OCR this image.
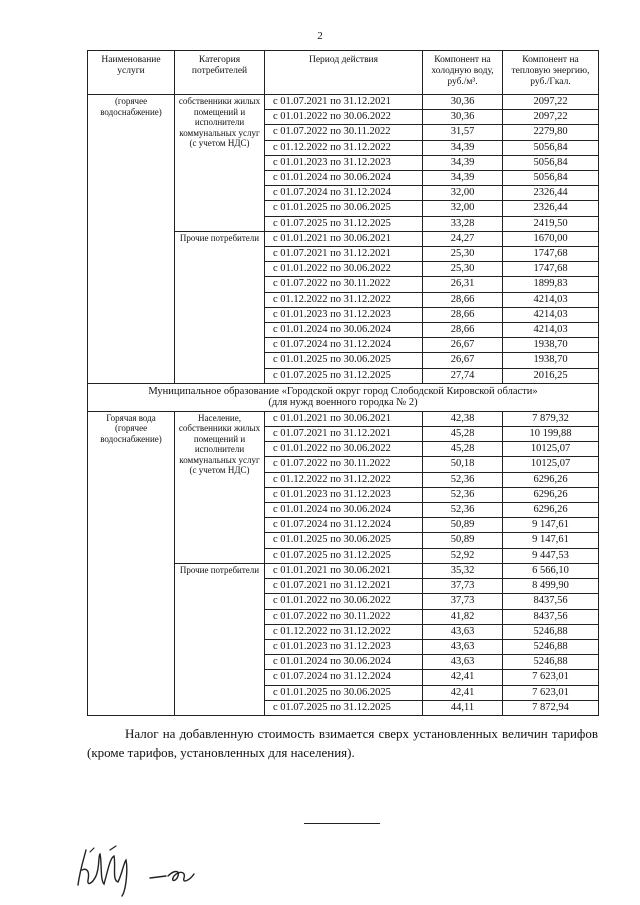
2
Наименование услуги	Категория потребителей	Период действия	Компонент на холодную воду, руб./м³.	Компонент на тепловую энергию, руб./Гкал.
(горячее водоснабжение)	собственники жилых помещений и исполнители коммунальных услуг (с учетом НДС)	с 01.07.2021 по 31.12.2021	30,36	2097,22
		с 01.01.2022 по 30.06.2022	30,36	2097,22
		с 01.07.2022 по 30.11.2022	31,57	2279,80
		с 01.12.2022 по 31.12.2022	34,39	5056,84
		с 01.01.2023 по 31.12.2023	34,39	5056,84
		с 01.01.2024 по 30.06.2024	34,39	5056,84
		с 01.07.2024 по 31.12.2024	32,00	2326,44
		с 01.01.2025 по 30.06.2025	32,00	2326,44
		с 01.07.2025 по 31.12.2025	33,28	2419,50
	Прочие потребители	с 01.01.2021 по 30.06.2021	24,27	1670,00
		с 01.07.2021 по 31.12.2021	25,30	1747,68
		с 01.01.2022 по 30.06.2022	25,30	1747,68
		с 01.07.2022 по 30.11.2022	26,31	1899,83
		с 01.12.2022 по 31.12.2022	28,66	4214,03
		с 01.01.2023 по 31.12.2023	28,66	4214,03
		с 01.01.2024 по 30.06.2024	28,66	4214,03
		с 01.07.2024 по 31.12.2024	26,67	1938,70
		с 01.01.2025 по 30.06.2025	26,67	1938,70
		с 01.07.2025 по 31.12.2025	27,74	2016,25

Муниципальное образование «Городской округ город Слободской Кировской области»
(для нужд военного городка № 2)				

Горячая вода (горячее водоснабжение)	Население, собственники жилых помещений и исполнители коммунальных услуг (с учетом НДС)	с 01.01.2021 по 30.06.2021	42,38	7 879,32
		с 01.07.2021 по 31.12.2021	45,28	10 199,88
		с 01.01.2022 по 30.06.2022	45,28	10125,07
		с 01.07.2022 по 30.11.2022	50,18	10125,07
		с 01.12.2022 по 31.12.2022	52,36	6296,26
		с 01.01.2023 по 31.12.2023	52,36	6296,26
		с 01.01.2024 по 30.06.2024	52,36	6296,26
		с 01.07.2024 по 31.12.2024	50,89	9 147,61
		с 01.01.2025 по 30.06.2025	50,89	9 147,61
		с 01.07.2025 по 31.12.2025	52,92	9 447,53
	Прочие потребители	с 01.01.2021 по 30.06.2021	35,32	6 566,10
		с 01.07.2021 по 31.12.2021	37,73	8 499,90
		с 01.01.2022 по 30.06.2022	37,73	8437,56
		с 01.07.2022 по 30.11.2022	41,82	8437,56
		с 01.12.2022 по 31.12.2022	43,63	5246,88
		с 01.01.2023 по 31.12.2023	43,63	5246,88
		с 01.01.2024 по 30.06.2024	43,63	5246,88
		с 01.07.2024 по 31.12.2024	42,41	7 623,01
		с 01.01.2025 по 30.06.2025	42,41	7 623,01
		с 01.07.2025 по 31.12.2025	44,11	7 872,94
Налог на добавленную стоимость взимается сверх установленных величин тарифов (кроме тарифов, установленных для населения).
